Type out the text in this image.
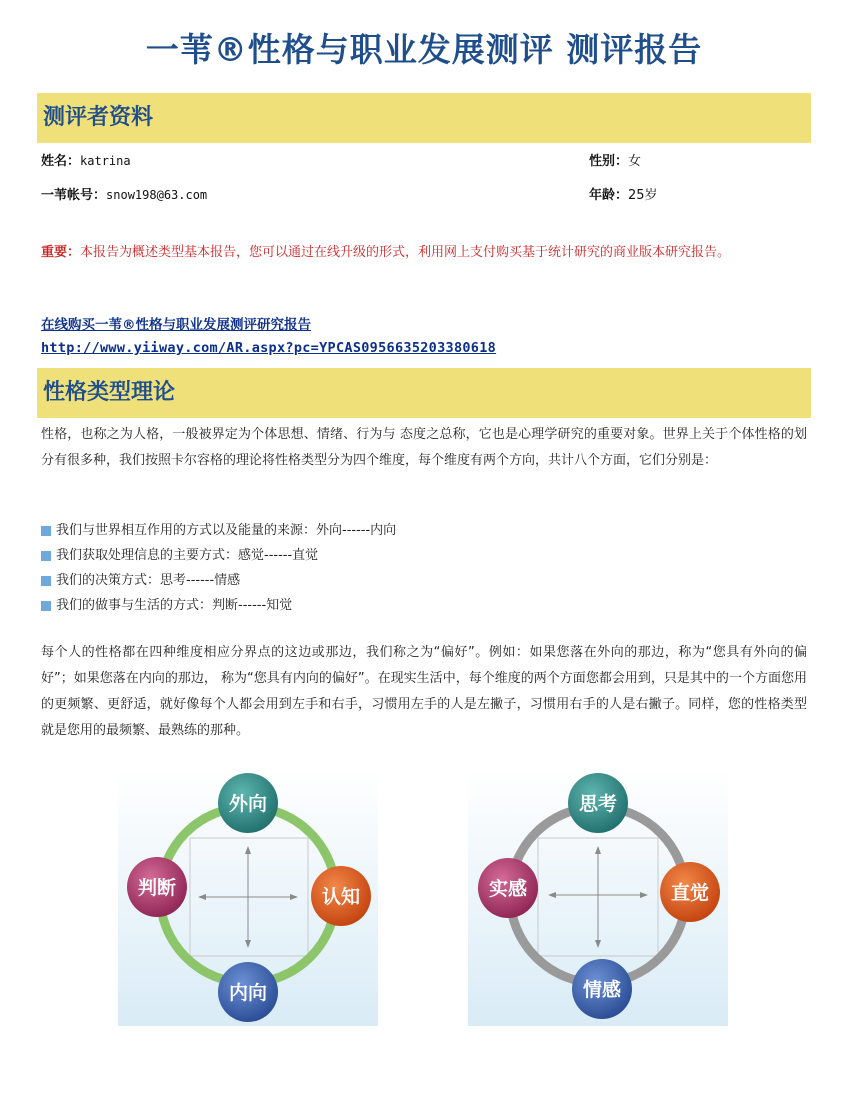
一苇®性格与职业发展测评 测评报告
测评者资料
姓名：katrina	性别：女
一苇帐号：snow198@63.com	年龄：25岁
重要：本报告为概述类型基本报告，您可以通过在线升级的形式，利用网上支付购买基于统计研究的商业版本研究报告。
在线购买一苇®性格与职业发展测评研究报告
http://www.yiiway.com/AR.aspx?pc=YPCAS0956635203380618
性格类型理论
性格，也称之为人格，一般被界定为个体思想、情绪、行为与 态度之总称，它也是心理学研究的重要对象。世界上关于个体性格的划分有很多种，我们按照卡尔容格的理论将性格类型分为四个维度，每个维度有两个方向，共计八个方面，它们分别是：
我们与世界相互作用的方式以及能量的来源：外向------内向
我们获取处理信息的主要方式：感觉------直觉
我们的决策方式：思考------情感
我们的做事与生活的方式：判断------知觉
每个人的性格都在四种维度相应分界点的这边或那边，我们称之为“偏好”。例如：如果您落在外向的那边，称为“您具有外向的偏好”；如果您落在内向的那边， 称为“您具有内向的偏好”。在现实生活中，每个维度的两个方面您都会用到，只是其中的一个方面您用的更频繁、更舒适，就好像每个人都会用到左手和右手，习惯用左手的人是左撇子，习惯用右手的人是右撇子。同样，您的性格类型就是您用的最频繁、最熟练的那种。
外向
认知
判断
内向
思考
直觉
实感
情感
